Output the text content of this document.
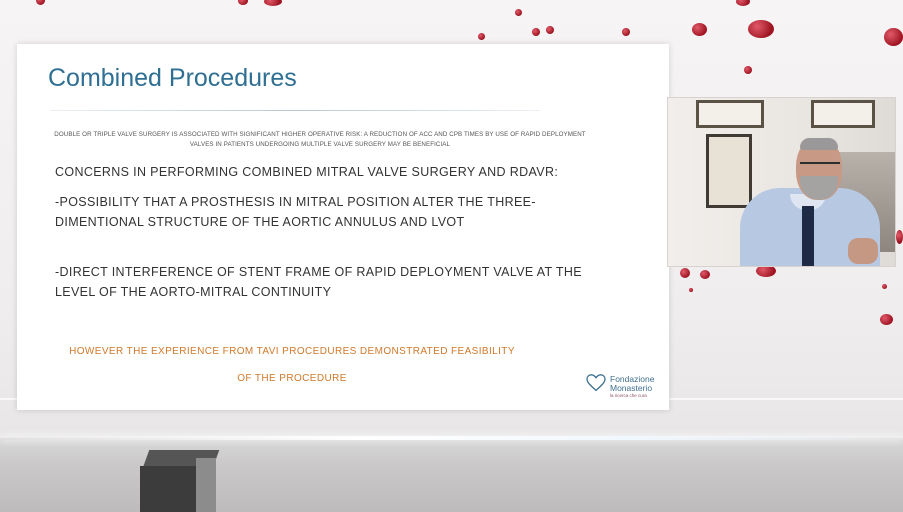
Combined Procedures
DOUBLE OR TRIPLE VALVE SURGERY IS ASSOCIATED WITH SIGNIFICANT HIGHER OPERATIVE RISK: A REDUCTION OF ACC AND CPB TIMES BY USE OF RAPID DEPLOYMENT VALVES IN PATIENTS UNDERGOING MULTIPLE VALVE SURGERY MAY BE BENEFICIAL
CONCERNS IN PERFORMING COMBINED MITRAL VALVE SURGERY AND RDAVR:
-POSSIBILITY THAT A PROSTHESIS IN MITRAL POSITION ALTER THE THREE-DIMENTIONAL STRUCTURE OF THE AORTIC ANNULUS AND LVOT
-DIRECT INTERFERENCE OF STENT FRAME OF RAPID DEPLOYMENT VALVE AT THE LEVEL OF THE AORTO-MITRAL CONTINUITY
HOWEVER THE EXPERIENCE FROM TAVI PROCEDURES DEMONSTRATED FEASIBILITY
OF THE PROCEDURE	Fondazione
Monasterio
la ricerca che cura
